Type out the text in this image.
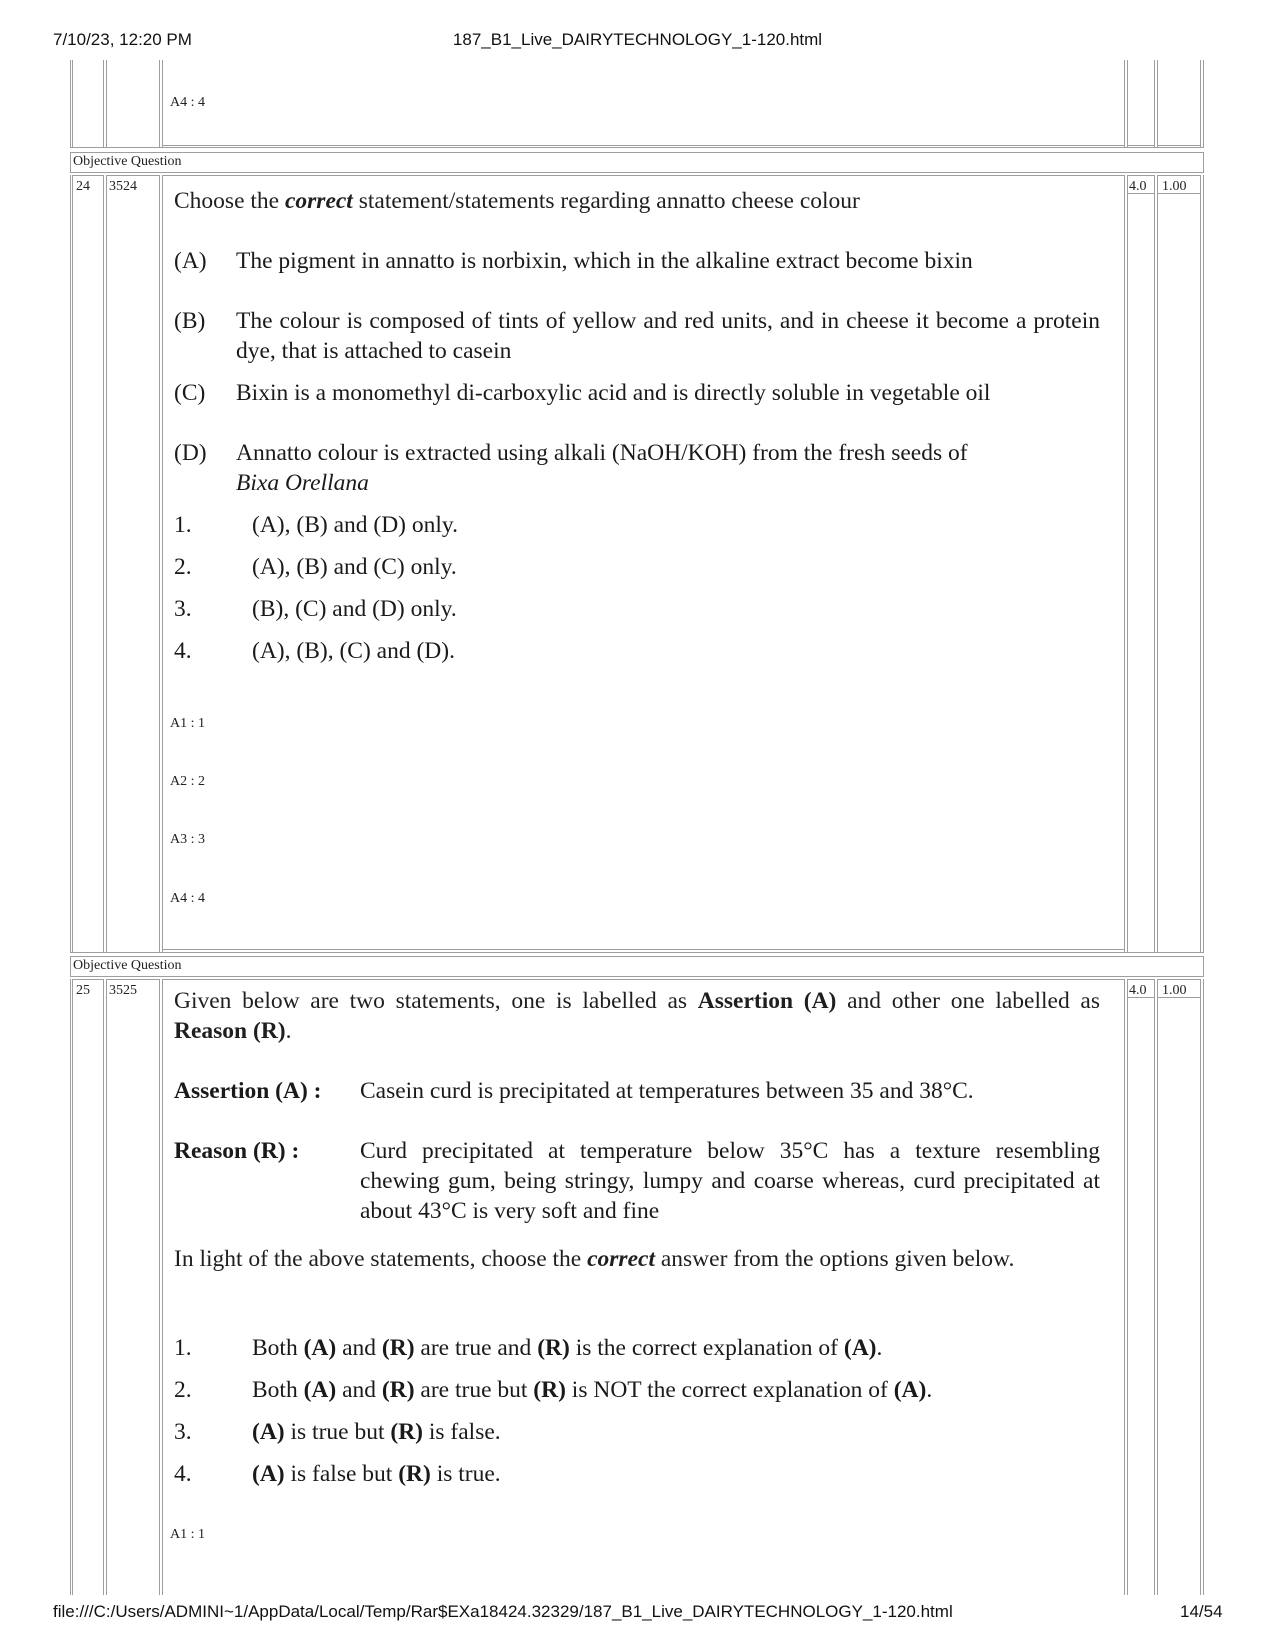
7/10/23, 12:20 PM	187_B1_Live_DAIRYTECHNOLOGY_1-120.html
A4 : 4
Objective Question
24 3524	4.0 1.00
Choose the correct statement/statements regarding annatto cheese colour
(A) The pigment in annatto is norbixin, which in the alkaline extract become bixin
(B) The colour is composed of tints of yellow and red units, and in cheese it become a protein dye, that is attached to casein
(C) Bixin is a monomethyl di-carboxylic acid and is directly soluble in vegetable oil
(D) Annatto colour is extracted using alkali (NaOH/KOH) from the fresh seeds of
Bixa Orellana
1.	(A), (B) and (D) only.
2.	(A), (B) and (C) only.
3.	(B), (C) and (D) only.
4.	(A), (B), (C) and (D).
A1 : 1
A2 : 2
A3 : 3
A4 : 4
Objective Question
25 3525	4.0 1.00
Given below are two statements, one is labelled as Assertion (A) and other one labelled as Reason (R).
Assertion (A) : Casein curd is precipitated at temperatures between 35 and 38°C.
Reason (R) :	Curd precipitated at temperature below 35°C has a texture resembling chewing gum, being stringy, lumpy and coarse whereas, curd precipitated at about 43°C is very soft and fine
In light of the above statements, choose the correct answer from the options given below.
1.	Both (A) and (R) are true and (R) is the correct explanation of (A).
2.	Both (A) and (R) are true but (R) is NOT the correct explanation of (A).
3.	(A) is true but (R) is false.
4.	(A) is false but (R) is true.
A1 : 1
file:///C:/Users/ADMINI~1/AppData/Local/Temp/Rar$EXa18424.32329/187_B1_Live_DAIRYTECHNOLOGY_1-120.html	14/54
